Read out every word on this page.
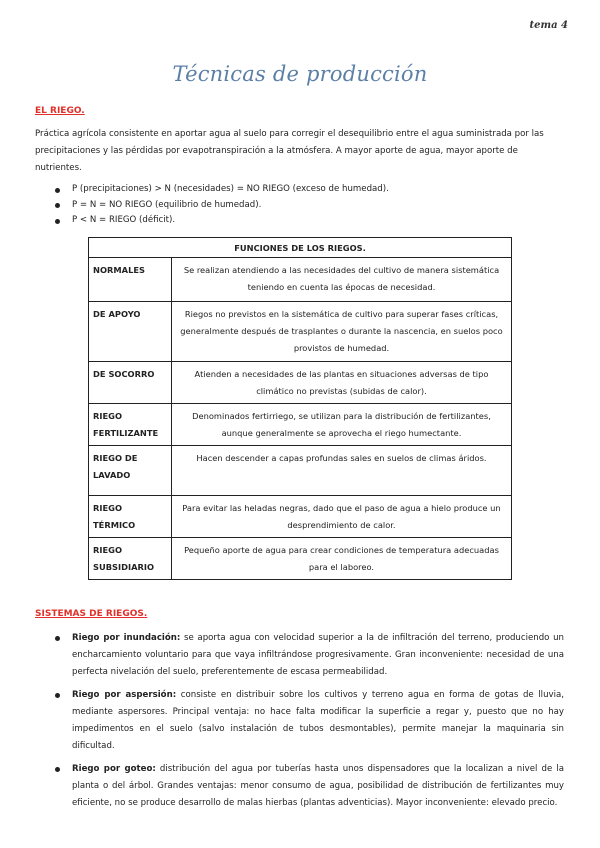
tema 4
Técnicas de producción
EL RIEGO.
Práctica agrícola consistente en aportar agua al suelo para corregir el desequilibrio entre el agua suministrada por las precipitaciones y las pérdidas por evapotranspiración a la atmósfera. A mayor aporte de agua, mayor aporte de nutrientes.
P (precipitaciones) > N (necesidades) = NO RIEGO (exceso de humedad).
P = N = NO RIEGO (equilibrio de humedad).
P < N = RIEGO (déficit).
FUNCIONES DE LOS RIEGOS.	
NORMALES	Se realizan atendiendo a las necesidades del cultivo de manera sistemática teniendo en cuenta las épocas de necesidad.
DE APOYO	Riegos no previstos en la sistemática de cultivo para superar fases críticas, generalmente después de trasplantes o durante la nascencia, en suelos poco provistos de humedad.
DE SOCORRO	Atienden a necesidades de las plantas en situaciones adversas de tipo climático no previstas (subidas de calor).
RIEGO FERTILIZANTE	Denominados fertirriego, se utilizan para la distribución de fertilizantes, aunque generalmente se aprovecha el riego humectante.
RIEGO DE LAVADO	Hacen descender a capas profundas sales en suelos de climas áridos.
RIEGO TÉRMICO	Para evitar las heladas negras, dado que el paso de agua a hielo produce un desprendimiento de calor.
RIEGO SUBSIDIARIO	Pequeño aporte de agua para crear condiciones de temperatura adecuadas para el laboreo.
SISTEMAS DE RIEGOS.
Riego por inundación: se aporta agua con velocidad superior a la de infiltración del terreno, produciendo un encharcamiento voluntario para que vaya infiltrándose progresivamente. Gran inconveniente: necesidad de una perfecta nivelación del suelo, preferentemente de escasa permeabilidad.
Riego por aspersión: consiste en distribuir sobre los cultivos y terreno agua en forma de gotas de lluvia, mediante aspersores. Principal ventaja: no hace falta modificar la superficie a regar y, puesto que no hay impedimentos en el suelo (salvo instalación de tubos desmontables), permite manejar la maquinaria sin dificultad.
Riego por goteo: distribución del agua por tuberías hasta unos dispensadores que la localizan a nivel de la planta o del árbol. Grandes ventajas: menor consumo de agua, posibilidad de distribución de fertilizantes muy eficiente, no se produce desarrollo de malas hierbas (plantas adventicias). Mayor inconveniente: elevado precio.
